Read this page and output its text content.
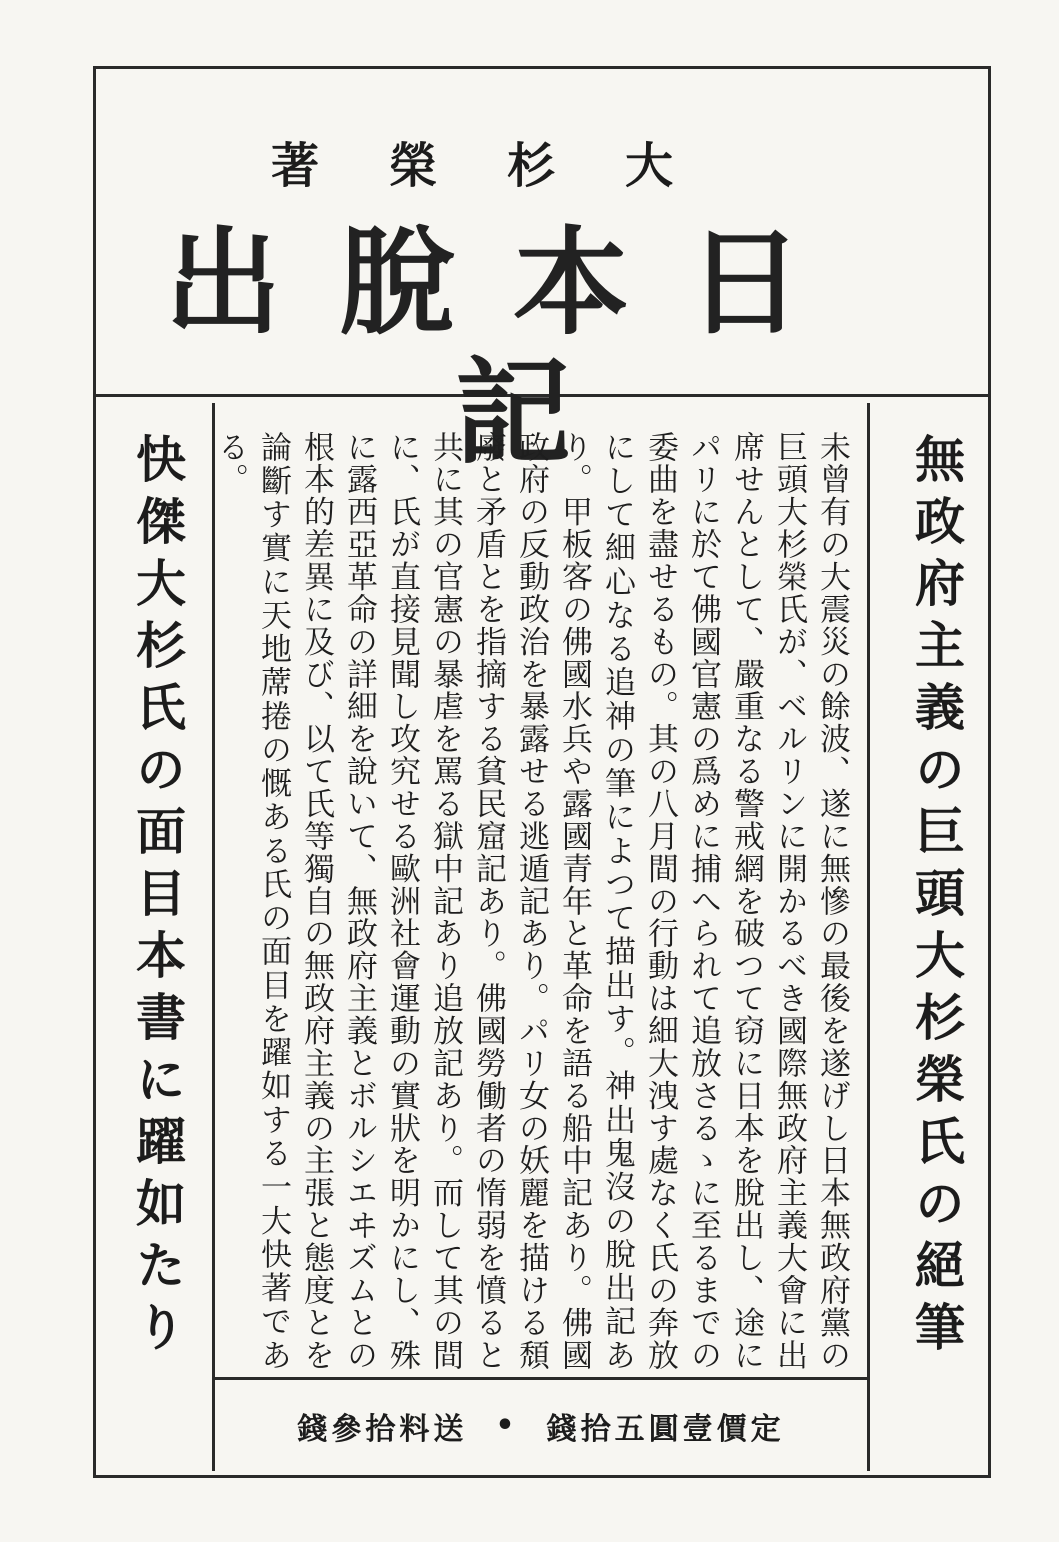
大杉榮著
日本脫出記
快傑大杉氏の面目本書に躍如たり	未曾有の大震災の餘波、遂に無慘の最後を遂げし日本無政府黨の巨頭大杉榮氏が、ベルリンに開かるべき國際無政府主義大會に出席せんとして、嚴重なる警戒網を破つて窃に日本を脫出し、途にパリに於て佛國官憲の爲めに捕へられて追放さるゝに至るまでの委曲を盡せるもの。其の八月間の行動は細大洩す處なく氏の奔放にして細心なる追神の筆によつて描出す。神出鬼沒の脫出記あり。甲板客の佛國水兵や露國青年と革命を語る船中記あり。佛國政府の反動政治を暴露せる逃遁記あり。パリ女の妖麗を描ける頹廢と矛盾とを指摘する貧民窟記あり。佛國勞働者の惰弱を憤ると共に其の官憲の暴虐を罵る獄中記あり追放記あり。而して其の間に、氏が直接見聞し攻究せる歐洲社會運動の實狀を明かにし、殊に露西亞革命の詳細を說いて、無政府主義とボルシエヰズムとの根本的差異に及び、以て氏等獨自の無政府主義の主張と態度とを論斷す實に天地蓆捲の慨ある氏の面目を躍如する一大快著である。
送料拾參錢 • 定價壹圓五拾錢
無政府主義の巨頭大杉榮氏の絕筆
